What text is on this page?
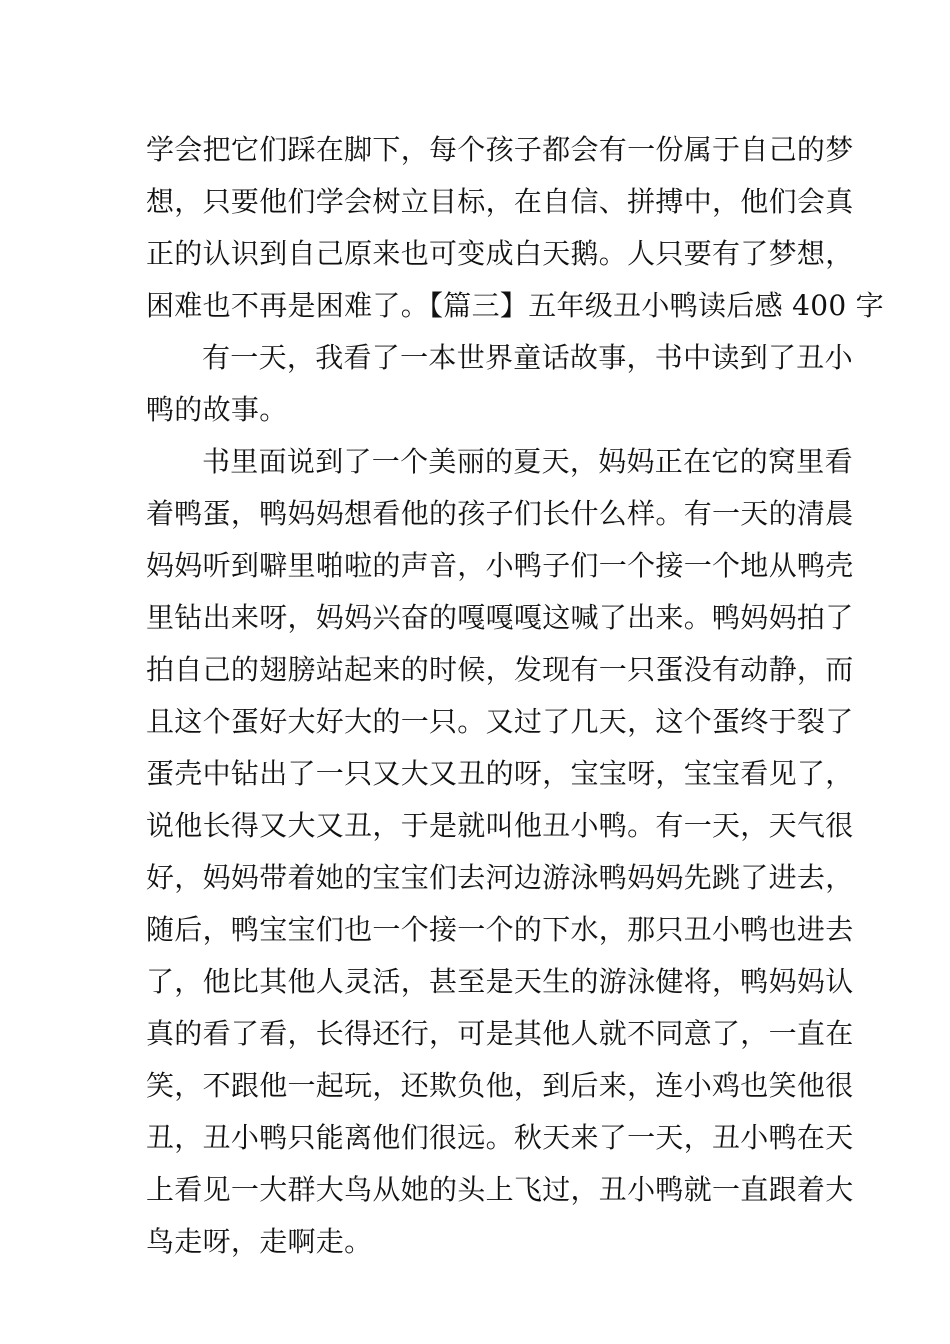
学会把它们踩在脚下，每个孩子都会有一份属于自己的梦
想，只要他们学会树立目标，在自信、拼搏中，他们会真
正的认识到自己原来也可变成白天鹅。人只要有了梦想，
困难也不再是困难了。【篇三】五年级丑小鸭读后感 400 字
有一天，我看了一本世界童话故事，书中读到了丑小
鸭的故事。
书里面说到了一个美丽的夏天，妈妈正在它的窝里看
着鸭蛋，鸭妈妈想看他的孩子们长什么样。有一天的清晨
妈妈听到噼里啪啦的声音，小鸭子们一个接一个地从鸭壳
里钻出来呀，妈妈兴奋的嘎嘎嘎这喊了出来。鸭妈妈拍了
拍自己的翅膀站起来的时候，发现有一只蛋没有动静，而
且这个蛋好大好大的一只。又过了几天，这个蛋终于裂了
蛋壳中钻出了一只又大又丑的呀，宝宝呀，宝宝看见了，
说他长得又大又丑，于是就叫他丑小鸭。有一天，天气很
好，妈妈带着她的宝宝们去河边游泳鸭妈妈先跳了进去，
随后，鸭宝宝们也一个接一个的下水，那只丑小鸭也进去
了，他比其他人灵活，甚至是天生的游泳健将，鸭妈妈认
真的看了看，长得还行，可是其他人就不同意了，一直在
笑，不跟他一起玩，还欺负他，到后来，连小鸡也笑他很
丑，丑小鸭只能离他们很远。秋天来了一天，丑小鸭在天
上看见一大群大鸟从她的头上飞过，丑小鸭就一直跟着大
鸟走呀，走啊走。
